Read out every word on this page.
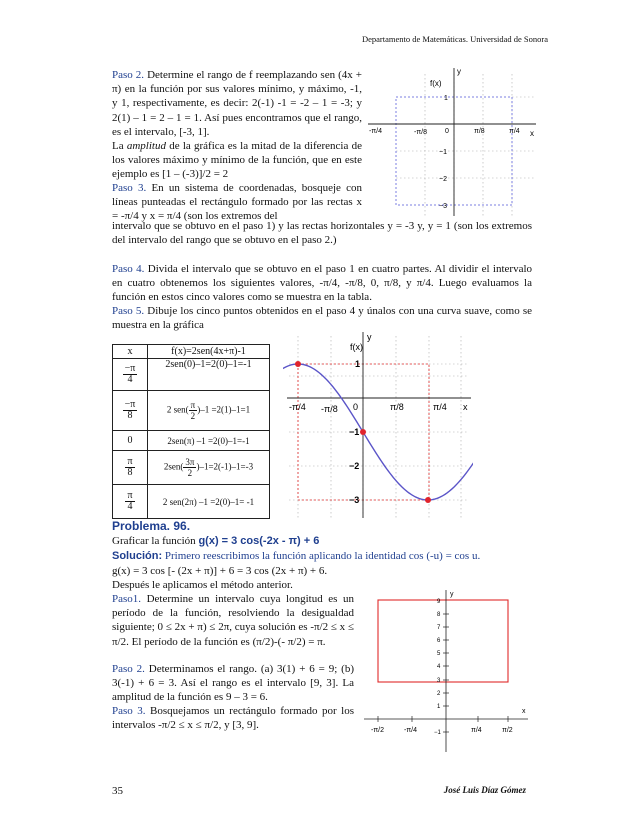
Departamento de Matemáticas. Universidad de Sonora

Paso 2. Determine el rango de f reemplazando sen (4x + π) en la función por sus valores mínimo, y máximo, -1, y 1, respectivamente, es decir: 2(-1) -1 = -2 – 1 = -3; y 2(1) – 1 = 2 – 1 = 1. Así pues encontramos que el rango, es el intervalo, [-3, 1].

La amplitud de la gráfica es la mitad de la diferencia de los valores máximo y mínimo de la función, que en este ejemplo es [1 – (-3)]/2 = 2

Paso 3. En un sistema de coordenadas, bosqueje con líneas punteadas el rectángulo formado por las rectas x = -π/4 y x = π/4 (son los extremos del

intervalo que se obtuvo en el paso 1) y las rectas horizontales y = -3 y, y = 1 (son los extremos del intervalo del rango que se obtuvo en el paso 2.)

y
f(x)
x
-π/4	-π/8	0	π/8	π/4
1
−1
−2
−3

Paso 4. Divida el intervalo que se obtuvo en el paso 1 en cuatro partes. Al dividir el intervalo en cuatro obtenemos los siguientes valores, -π/4, -π/8, 0, π/8, y π/4. Luego evaluamos la función en estos cinco valores como se muestra en la tabla.

Paso 5. Dibuje los cinco puntos obtenidos en el paso 4 y únalos con una curva suave, como se muestra en la gráfica

x	f(x)=2sen(4x+π)-1

$\frac{-\pi}{4}$	2sen(0)–1=2(0)–1=-1

$\frac{-\pi}{8}$	2 $sen( \frac{\pi}{2} )-1 =2(1)-1=1$
0	2sen(π) –1 =2(0)–1=-1

$\frac{\pi}{8}$	$2sen( \frac{3\pi}{2} )-1=2(-1)-1=-3$

$\frac{\pi}{4}$	2 sen(2π) –1 =2(0)–1= -1
y
f(x)
x
-π/4 -π/8 0	π/8	π/4
1
−1
−2
−3
Problema. 96.

Graficar la función g(x) = 3 cos(-2x - π) + 6

Solución: Primero reescribimos la función aplicando la identidad cos (-u) = cos u.

g(x) = 3 cos [- (2x + π)] + 6 = 3 cos (2x + π) + 6.

Después le aplicamos el método anterior.

Paso1. Determine un intervalo cuya longitud es un período de la función, resolviendo la desigualdad siguiente; 0 ≤ 2x + π) ≤ 2π, cuya solución es -π/2 ≤ x ≤ π/2. El período de la función es (π/2)-(- π/2) = π.

Paso 2. Determinamos el rango. (a) 3(1) + 6 = 9; (b) 3(-1) + 6 = 3. Así el rango es el intervalo [9, 3]. La amplitud de la función es 9 – 3 = 6.

Paso 3. Bosquejamos un rectángulo formado por los intervalos -π/2 ≤ x ≤ π/2, y [3, 9].

y
x
-π/2	-π/4	π/4	π/2
9
8
7
6
5
4
3
2
1
−1
35	José Luis Díaz Gómez
